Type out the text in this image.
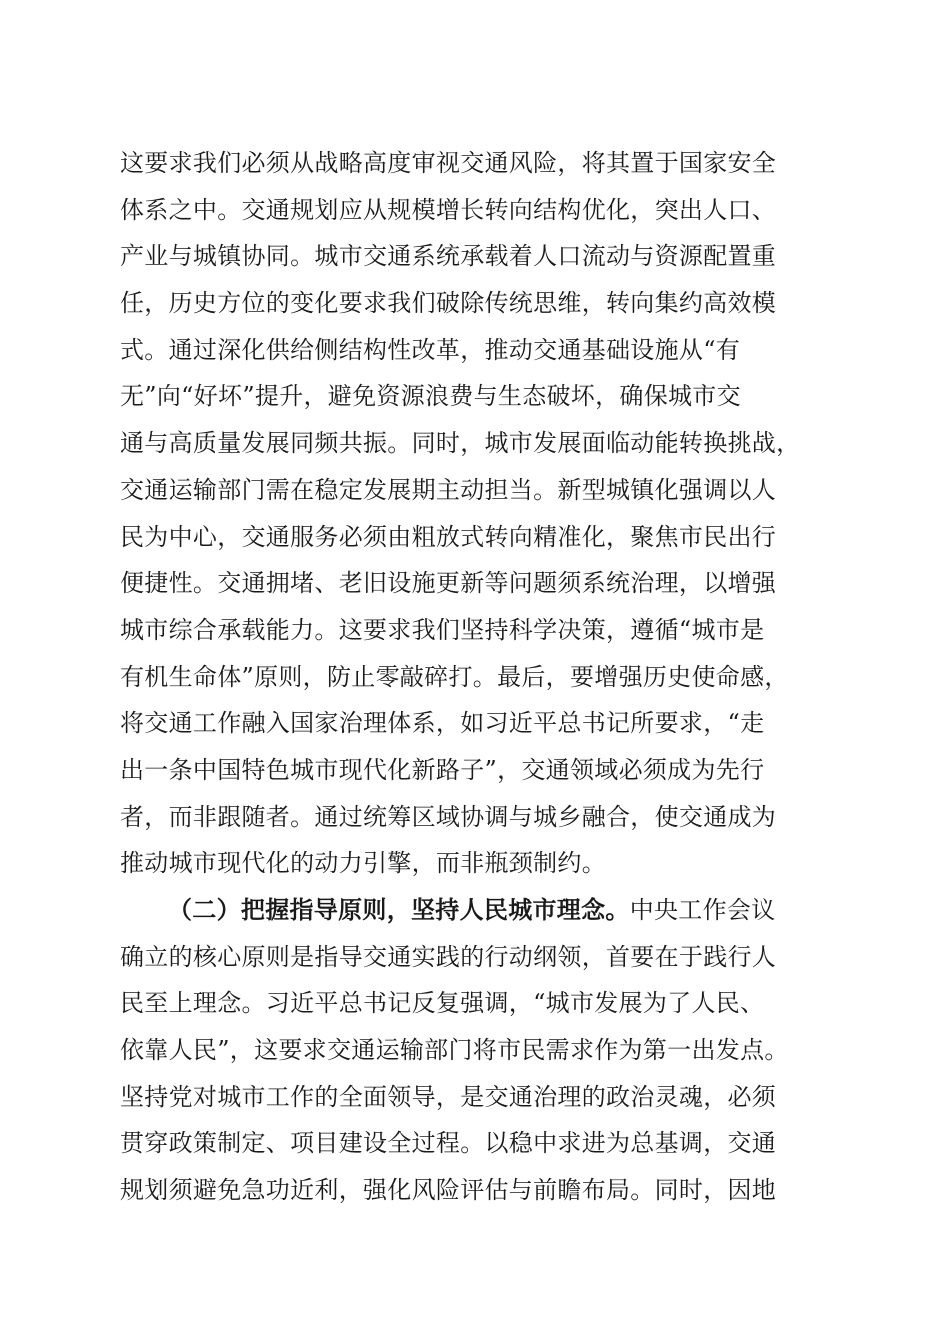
这要求我们必须从战略高度审视交通风险，将其置于国家安全
体系之中。交通规划应从规模增长转向结构优化，突出人口、
产业与城镇协同。城市交通系统承载着人口流动与资源配置重
任，历史方位的变化要求我们破除传统思维，转向集约高效模
式。通过深化供给侧结构性改革，推动交通基础设施从“有
无”向“好坏”提升，避免资源浪费与生态破坏，确保城市交
通与高质量发展同频共振。同时，城市发展面临动能转换挑战，
交通运输部门需在稳定发展期主动担当。新型城镇化强调以人
民为中心，交通服务必须由粗放式转向精准化，聚焦市民出行
便捷性。交通拥堵、老旧设施更新等问题须系统治理，以增强
城市综合承载能力。这要求我们坚持科学决策，遵循“城市是
有机生命体”原则，防止零敲碎打。最后，要增强历史使命感，
将交通工作融入国家治理体系，如习近平总书记所要求，“走
出一条中国特色城市现代化新路子”，交通领域必须成为先行
者，而非跟随者。通过统筹区域协调与城乡融合，使交通成为
推动城市现代化的动力引擎，而非瓶颈制约。
（二）把握指导原则，坚持人民城市理念。中央工作会议
确立的核心原则是指导交通实践的行动纲领，首要在于践行人
民至上理念。习近平总书记反复强调，“城市发展为了人民、
依靠人民”，这要求交通运输部门将市民需求作为第一出发点。
坚持党对城市工作的全面领导，是交通治理的政治灵魂，必须
贯穿政策制定、项目建设全过程。以稳中求进为总基调，交通
规划须避免急功近利，强化风险评估与前瞻布局。同时，因地
